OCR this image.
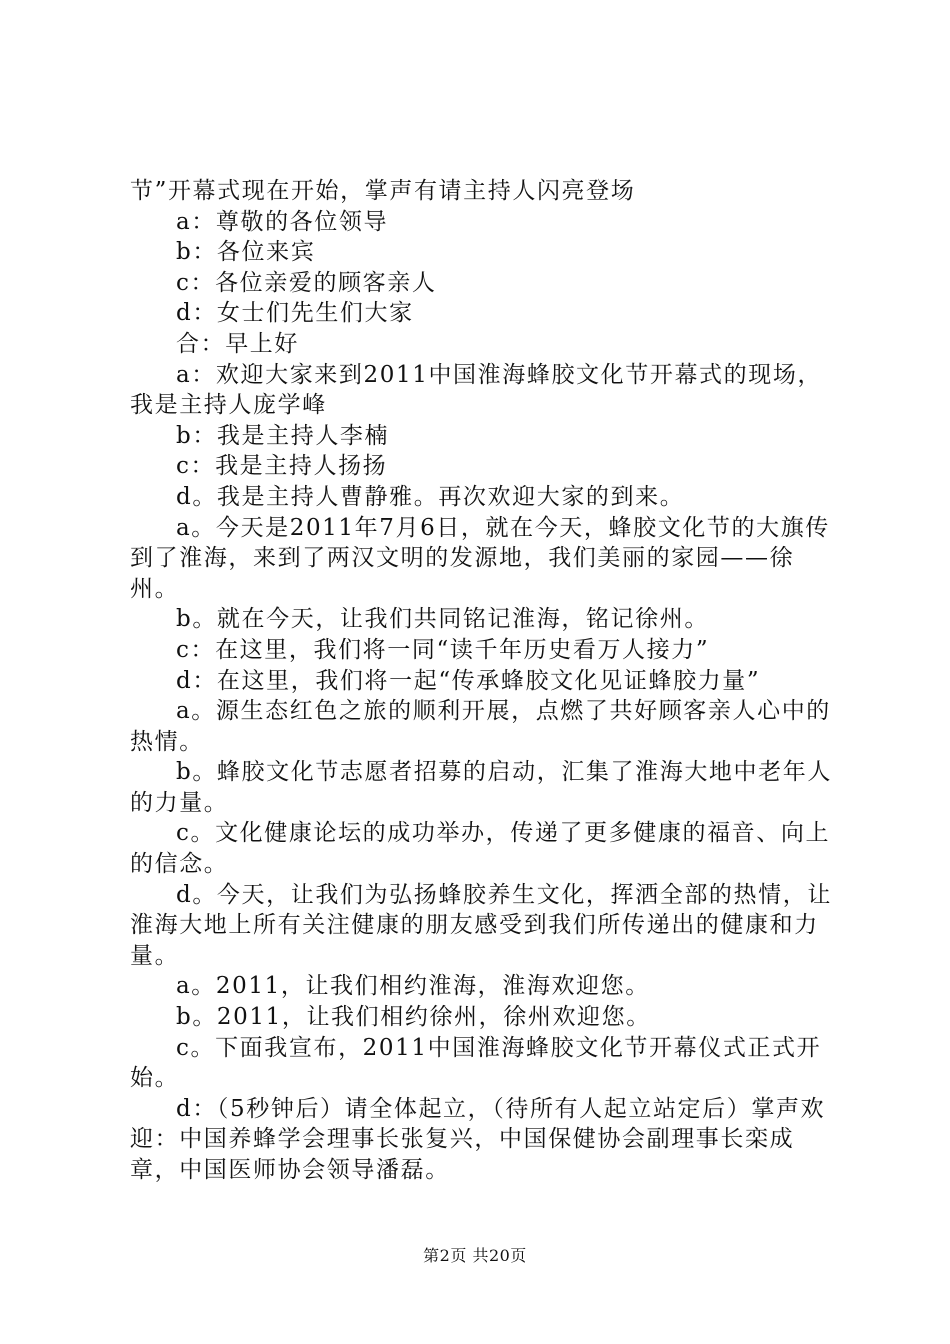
节”开幕式现在开始，掌声有请主持人闪亮登场

a：尊敬的各位领导

b：各位来宾

c：各位亲爱的顾客亲人

d：女士们先生们大家

合：早上好

a：欢迎大家来到2011中国淮海蜂胶文化节开幕式的现场，我是主持人庞学峰

b：我是主持人李楠

c：我是主持人扬扬

d。我是主持人曹静雅。再次欢迎大家的到来。

a。今天是2011年7月6日，就在今天，蜂胶文化节的大旗传到了淮海，来到了两汉文明的发源地，我们美丽的家园——徐州。

b。就在今天，让我们共同铭记淮海，铭记徐州。

c：在这里，我们将一同“读千年历史看万人接力”

d：在这里，我们将一起“传承蜂胶文化见证蜂胶力量”

a。源生态红色之旅的顺利开展，点燃了共好顾客亲人心中的热情。

b。蜂胶文化节志愿者招募的启动，汇集了淮海大地中老年人的力量。

c。文化健康论坛的成功举办，传递了更多健康的福音、向上的信念。

d。今天，让我们为弘扬蜂胶养生文化，挥洒全部的热情，让淮海大地上所有关注健康的朋友感受到我们所传递出的健康和力量。

a。2011，让我们相约淮海，淮海欢迎您。

b。2011，让我们相约徐州，徐州欢迎您。

c。下面我宣布，2011中国淮海蜂胶文化节开幕仪式正式开始。

d：（5秒钟后）请全体起立，（待所有人起立站定后）掌声欢迎：中国养蜂学会理事长张复兴，中国保健协会副理事长栾成章，中国医师协会领导潘磊。

第2页 共20页
